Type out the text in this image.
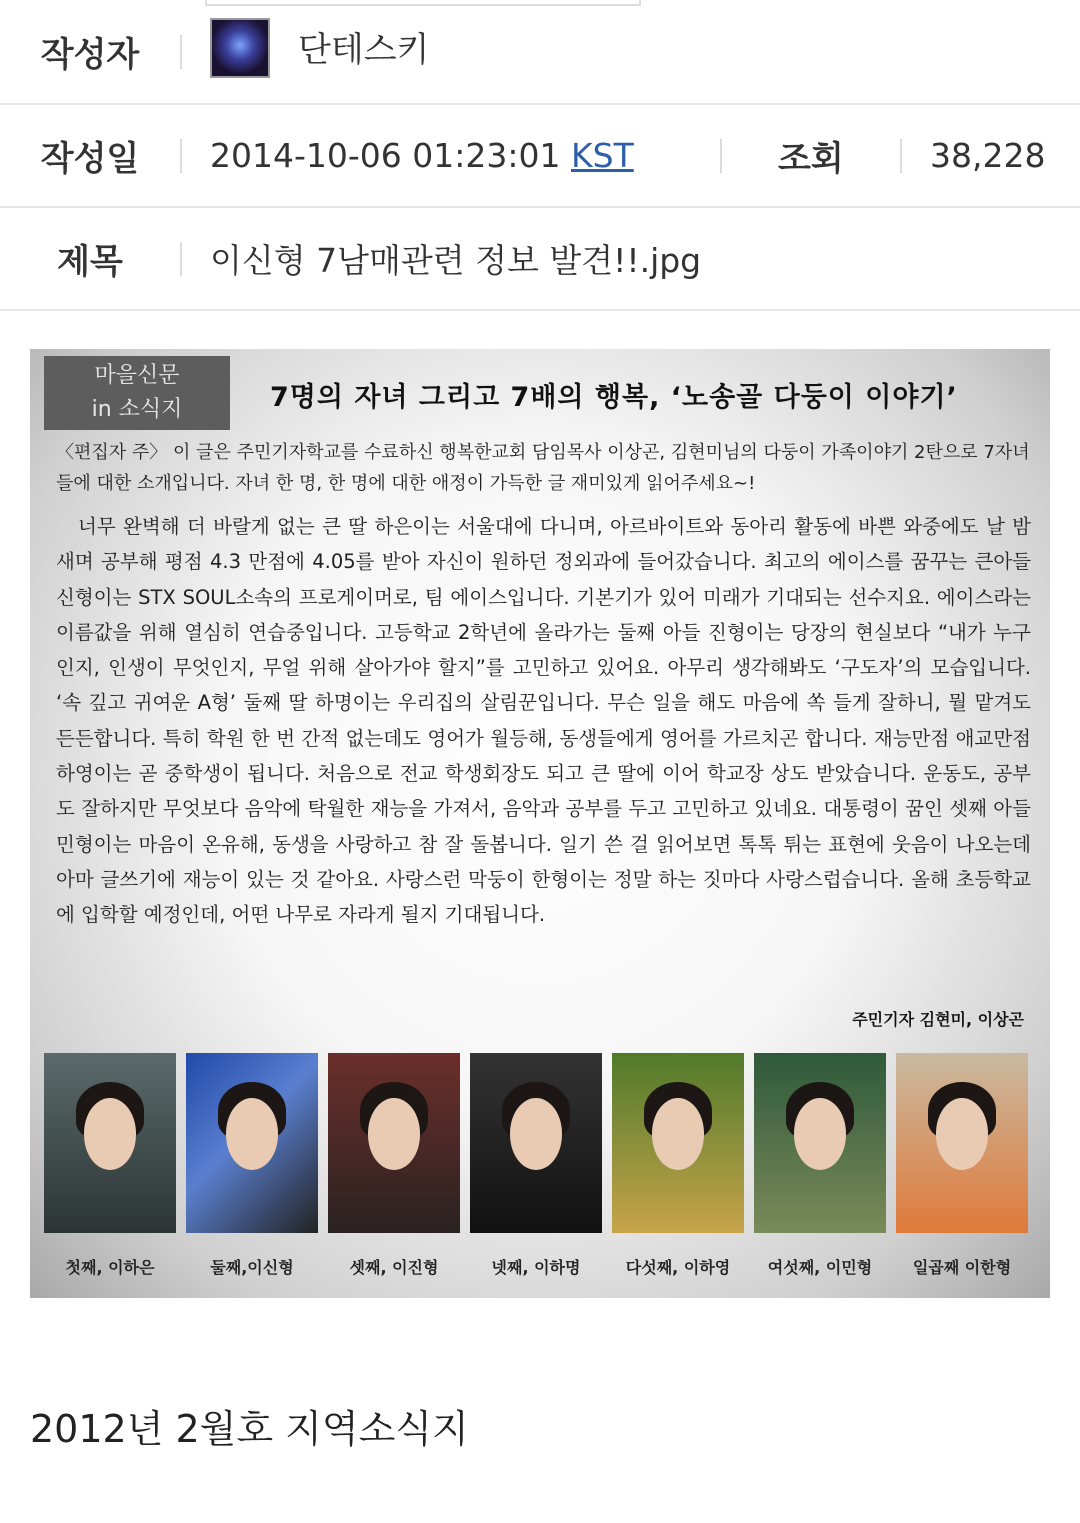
작성자	단테스키
작성일	2014-10-06 01:23:01 KST	조회	38,228
제목	이신형 7남매관련 정보 발견!!.jpg
마을신문
in 소식지	7명의 자녀 그리고 7배의 행복, ‘노송골 다둥이 이야기’
〈편집자 주〉 이 글은 주민기자학교를 수료하신 행복한교회 담임목사 이상곤, 김현미님의 다둥이 가족이야기 2탄으로 7자녀들에 대한 소개입니다. 자녀 한 명, 한 명에 대한 애정이 가득한 글 재미있게 읽어주세요~!
너무 완벽해 더 바랄게 없는 큰 딸 하은이는 서울대에 다니며, 아르바이트와 동아리 활동에 바쁜 와중에도 날 밤 새며 공부해 평점 4.3 만점에 4.05를 받아 자신이 원하던 정외과에 들어갔습니다. 최고의 에이스를 꿈꾸는 큰아들 신형이는 STX SOUL소속의 프로게이머로, 팀 에이스입니다. 기본기가 있어 미래가 기대되는 선수지요. 에이스라는 이름값을 위해 열심히 연습중입니다. 고등학교 2학년에 올라가는 둘째 아들 진형이는 당장의 현실보다 “내가 누구인지, 인생이 무엇인지, 무얼 위해 살아가야 할지”를 고민하고 있어요. 아무리 생각해봐도 ‘구도자’의 모습입니다. ‘속 깊고 귀여운 A형’ 둘째 딸 하명이는 우리집의 살림꾼입니다. 무슨 일을 해도 마음에 쏙 들게 잘하니, 뭘 맡겨도 든든합니다. 특히 학원 한 번 간적 없는데도 영어가 월등해, 동생들에게 영어를 가르치곤 합니다. 재능만점 애교만점 하영이는 곧 중학생이 됩니다. 처음으로 전교 학생회장도 되고 큰 딸에 이어 학교장 상도 받았습니다. 운동도, 공부도 잘하지만 무엇보다 음악에 탁월한 재능을 가져서, 음악과 공부를 두고 고민하고 있네요. 대통령이 꿈인 셋째 아들 민형이는 마음이 온유해, 동생을 사랑하고 참 잘 돌봅니다. 일기 쓴 걸 읽어보면 톡톡 튀는 표현에 웃음이 나오는데 아마 글쓰기에 재능이 있는 것 같아요. 사랑스런 막둥이 한형이는 정말 하는 짓마다 사랑스럽습니다. 올해 초등학교에 입학할 예정인데, 어떤 나무로 자라게 될지 기대됩니다.
주민기자 김현미, 이상곤
첫째, 이하은	둘째,이신형	셋째, 이진형	넷째, 이하명	다섯째, 이하영	여섯째, 이민형	일곱째 이한형
2012년 2월호 지역소식지
